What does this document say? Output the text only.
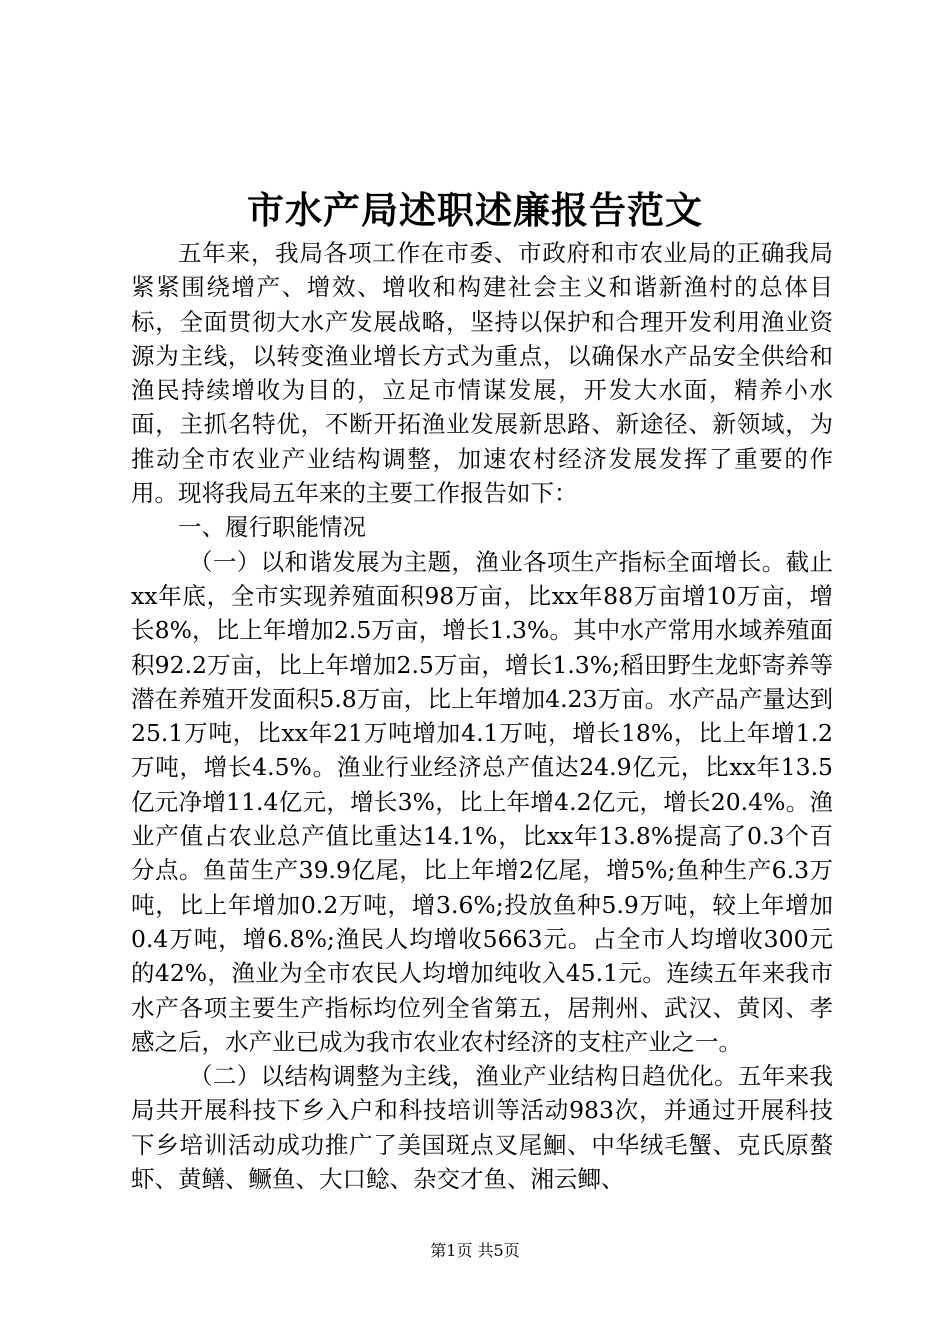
市水产局述职述廉报告范文

五年来，我局各项工作在市委、市政府和市农业局的正确我局紧紧围绕增产、增效、增收和构建社会主义和谐新渔村的总体目标，全面贯彻大水产发展战略，坚持以保护和合理开发利用渔业资源为主线，以转变渔业增长方式为重点，以确保水产品安全供给和渔民持续增收为目的，立足市情谋发展，开发大水面，精养小水面，主抓名特优，不断开拓渔业发展新思路、新途径、新领域，为推动全市农业产业结构调整，加速农村经济发展发挥了重要的作用。现将我局五年来的主要工作报告如下：

一、履行职能情况

（一）以和谐发展为主题，渔业各项生产指标全面增长。截止xx年底，全市实现养殖面积98万亩，比xx年88万亩增10万亩，增长8%，比上年增加2.5万亩，增长1.3%。其中水产常用水域养殖面积92.2万亩，比上年增加2.5万亩，增长1.3%;稻田野生龙虾寄养等潜在养殖开发面积5.8万亩，比上年增加4.23万亩。水产品产量达到25.1万吨，比xx年21万吨增加4.1万吨，增长18%，比上年增1.2万吨，增长4.5%。渔业行业经济总产值达24.9亿元，比xx年13.5亿元净增11.4亿元，增长3%，比上年增4.2亿元，增长20.4%。渔业产值占农业总产值比重达14.1%，比xx年13.8%提高了0.3个百分点。鱼苗生产39.9亿尾，比上年增2亿尾，增5%;鱼种生产6.3万吨，比上年增加0.2万吨，增3.6%;投放鱼种5.9万吨，较上年增加0.4万吨，增6.8%;渔民人均增收5663元。占全市人均增收300元的42%，渔业为全市农民人均增加纯收入45.1元。连续五年来我市水产各项主要生产指标均位列全省第五，居荆州、武汉、黄冈、孝感之后，水产业已成为我市农业农村经济的支柱产业之一。

（二）以结构调整为主线，渔业产业结构日趋优化。五年来我局共开展科技下乡入户和科技培训等活动983次，并通过开展科技下乡培训活动成功推广了美国斑点叉尾鮰、中华绒毛蟹、克氏原螯虾、黄鳝、鳜鱼、大口鲶、杂交才鱼、湘云鲫、

第1页 共5页
